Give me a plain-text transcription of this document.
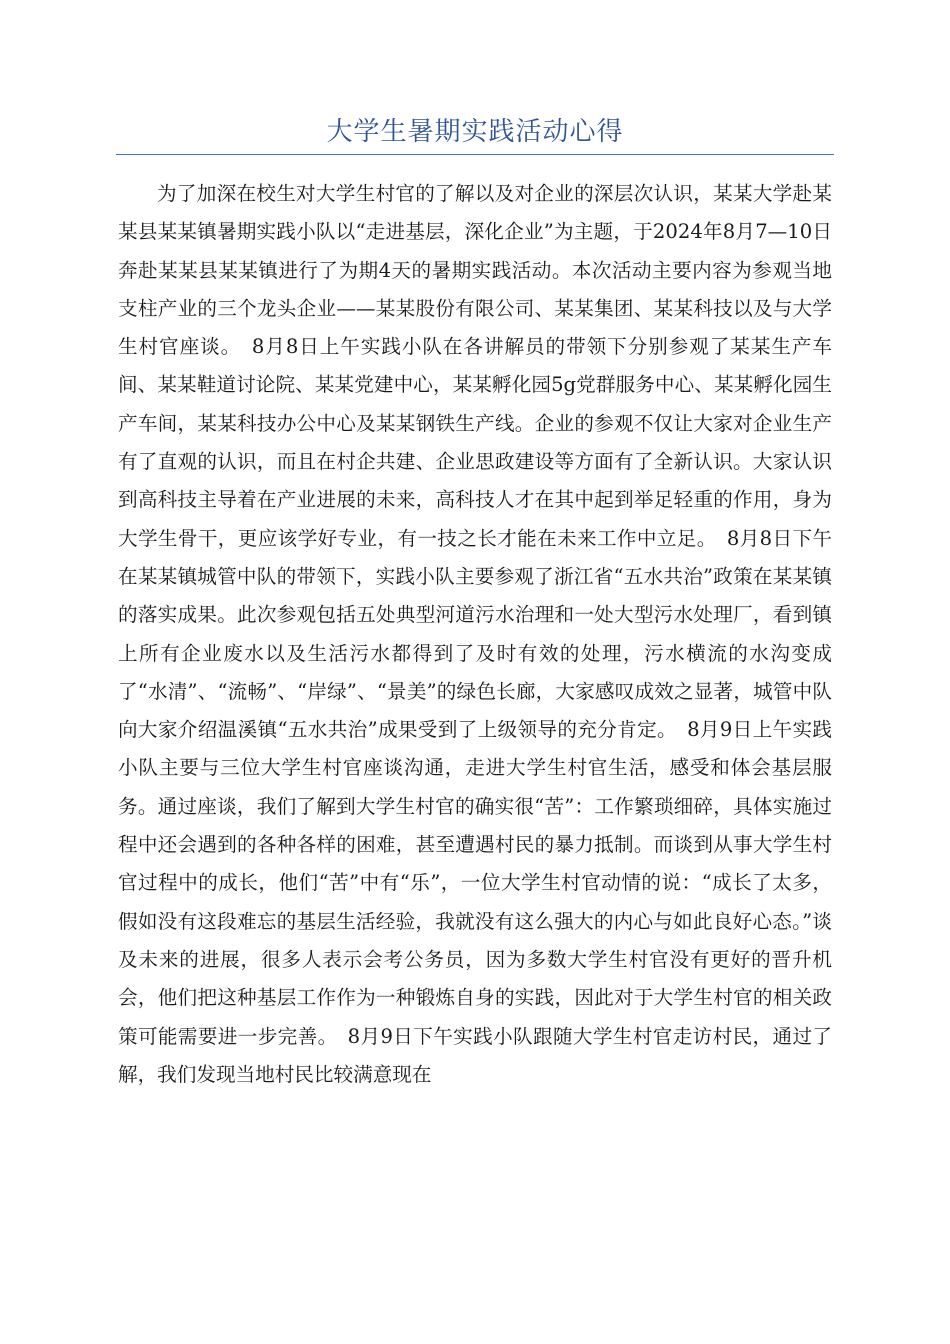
大学生暑期实践活动心得

为了加深在校生对大学生村官的了解以及对企业的深层次认识，某某大学赴某某县某某镇暑期实践小队以“走进基层，深化企业”为主题，于2024年8月7—10日奔赴某某县某某镇进行了为期4天的暑期实践活动。本次活动主要内容为参观当地支柱产业的三个龙头企业——某某股份有限公司、某某集团、某某科技以及与大学生村官座谈。　8月8日上午实践小队在各讲解员的带领下分别参观了某某生产车间、某某鞋道讨论院、某某党建中心，某某孵化园5g党群服务中心、某某孵化园生产车间，某某科技办公中心及某某钢铁生产线。企业的参观不仅让大家对企业生产有了直观的认识，而且在村企共建、企业思政建设等方面有了全新认识。大家认识到高科技主导着在产业进展的未来，高科技人才在其中起到举足轻重的作用，身为大学生骨干，更应该学好专业，有一技之长才能在未来工作中立足。　8月8日下午在某某镇城管中队的带领下，实践小队主要参观了浙江省“五水共治”政策在某某镇的落实成果。此次参观包括五处典型河道污水治理和一处大型污水处理厂，看到镇上所有企业废水以及生活污水都得到了及时有效的处理，污水横流的水沟变成了“水清”、“流畅”、“岸绿”、“景美”的绿色长廊，大家感叹成效之显著，城管中队向大家介绍温溪镇“五水共治”成果受到了上级领导的充分肯定。　8月9日上午实践小队主要与三位大学生村官座谈沟通，走进大学生村官生活，感受和体会基层服务。通过座谈，我们了解到大学生村官的确实很“苦”：工作繁琐细碎，具体实施过程中还会遇到的各种各样的困难，甚至遭遇村民的暴力抵制。而谈到从事大学生村官过程中的成长，他们“苦”中有“乐”，一位大学生村官动情的说：“成长了太多，假如没有这段难忘的基层生活经验，我就没有这么强大的内心与如此良好心态。”谈及未来的进展，很多人表示会考公务员，因为多数大学生村官没有更好的晋升机会，他们把这种基层工作作为一种锻炼自身的实践，因此对于大学生村官的相关政策可能需要进一步完善。　8月9日下午实践小队跟随大学生村官走访村民，通过了解，我们发现当地村民比较满意现在
